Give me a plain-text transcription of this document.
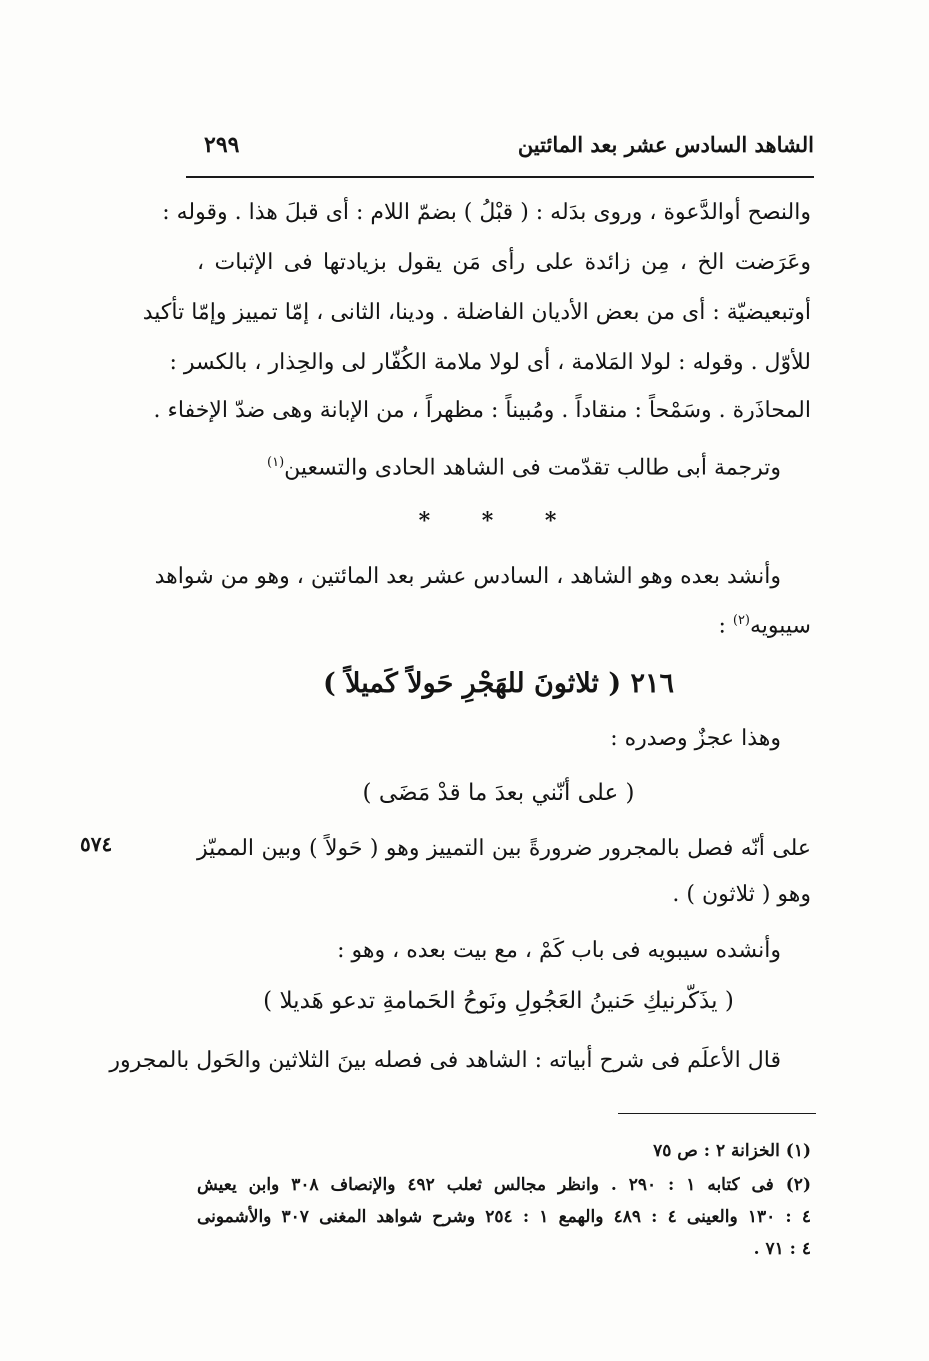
الشاهد السادس عشر بعد المائتين
٢٩٩
والنصح أوالدَّعوة ، وروى بدَله : ( قبْلُ ) بضمّ اللام : أى قبلَ هذا . وقوله :
وعَرَضت الخ ، مِن زائدة على رأى مَن يقول بزيادتها فى الإثبات ،
أوتبعيضيّة : أى من بعض الأديان الفاضلة . ودينا، الثانى ، إمّا تمييز وإمّا تأكيد
للأوّل . وقوله : لولا المَلامة ، أى لولا ملامة الكُفّار لى والحِذار ، بالكسر :
المحاذَرة . وسَمْحاً : منقاداً . ومُبيناً : مظهراً ، من الإبانة وهى ضدّ الإخفاء .
وترجمة أبى طالب تقدّمت فى الشاهد الحادى والتسعين$^{(١)}$
* * *
وأنشد بعده وهو الشاهد ، السادس عشر بعد المائتين ، وهو من شواهد
سيبويه$^{(٢)}$ :
٢١٦ ( ثلاثونَ للهَجْرِ حَولاً كَميلاً )
وهذا عجزٌ وصدره :
( على أنّني بعدَ ما قدْ مَضَى )
على أنّه فصل بالمجرور ضرورةً بين التمييز وهو ( حَولاً ) وبين المميّز
وهو ( ثلاثون ) .
٥٧٤
وأنشده سيبويه فى باب كَمْ ، مع بيت بعده ، وهو :
( يذَكّرنيكِ حَنينُ العَجُولِ ونَوحُ الحَمامةِ تدعو هَديلا )
قال الأعلَم فى شرح أبياته : الشاهد فى فصله بينَ الثلاثين والحَول بالمجرور
(١) الخزانة ٢ : ص ٧٥
(٢) فى كتابه ١ : ٢٩٠ . وانظر مجالس ثعلب ٤٩٢ والإنصاف ٣٠٨ وابن يعيش
٤ : ١٣٠ والعينى ٤ : ٤٨٩ والهمع ١ : ٢٥٤ وشرح شواهد المغنى ٣٠٧ والأشمونى
٤ : ٧١ .
